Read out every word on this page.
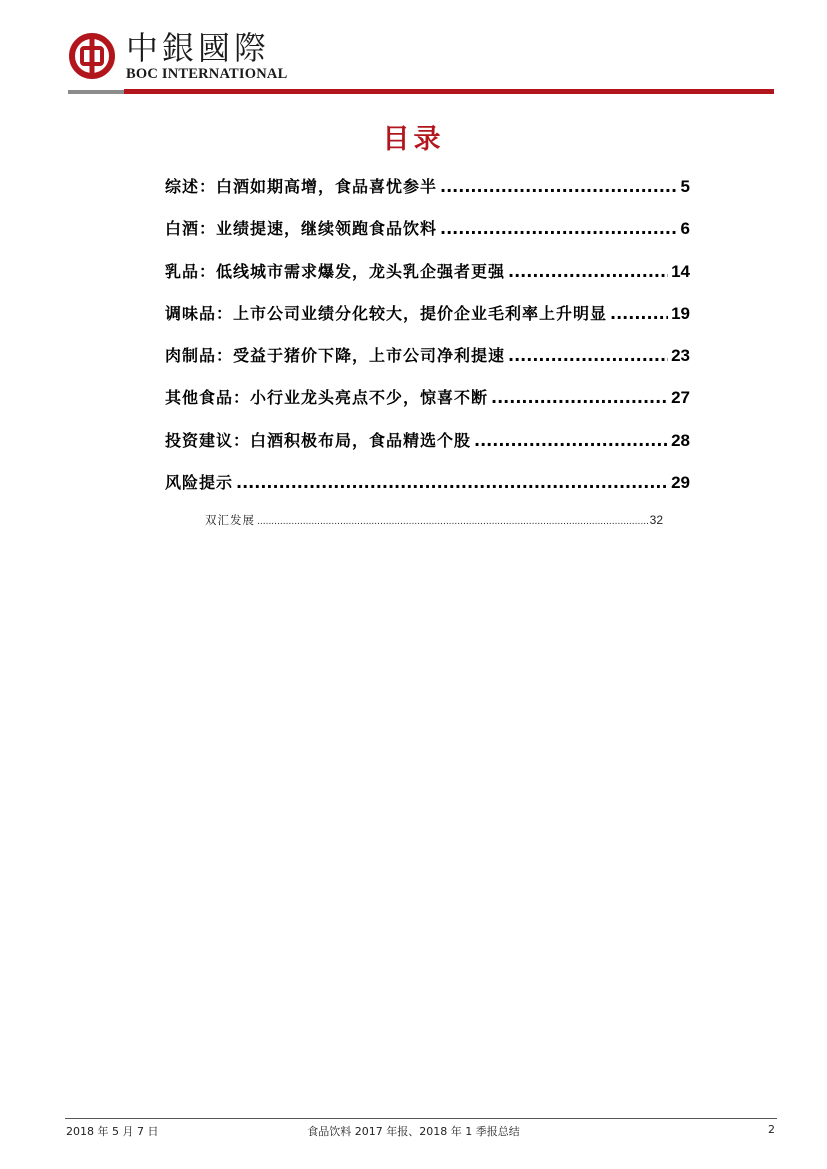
中銀國際
BOC INTERNATIONAL
目录
综述：白酒如期高增，食品喜忧参半 .....	5
白酒：业绩提速，继续领跑食品饮料 .....	6
乳品：低线城市需求爆发，龙头乳企强者更强 .....	14
调味品：上市公司业绩分化较大，提价企业毛利率上升明显 .....	19
肉制品：受益于猪价下降，上市公司净利提速 .....	23
其他食品：小行业龙头亮点不少，惊喜不断 .....	27
投资建议：白酒积极布局，食品精选个股 .....	28
风险提示 .....	29
双汇发展 .....	32
2018 年 5 月 7 日	食品饮料 2017 年报、2018 年 1 季报总结	2
